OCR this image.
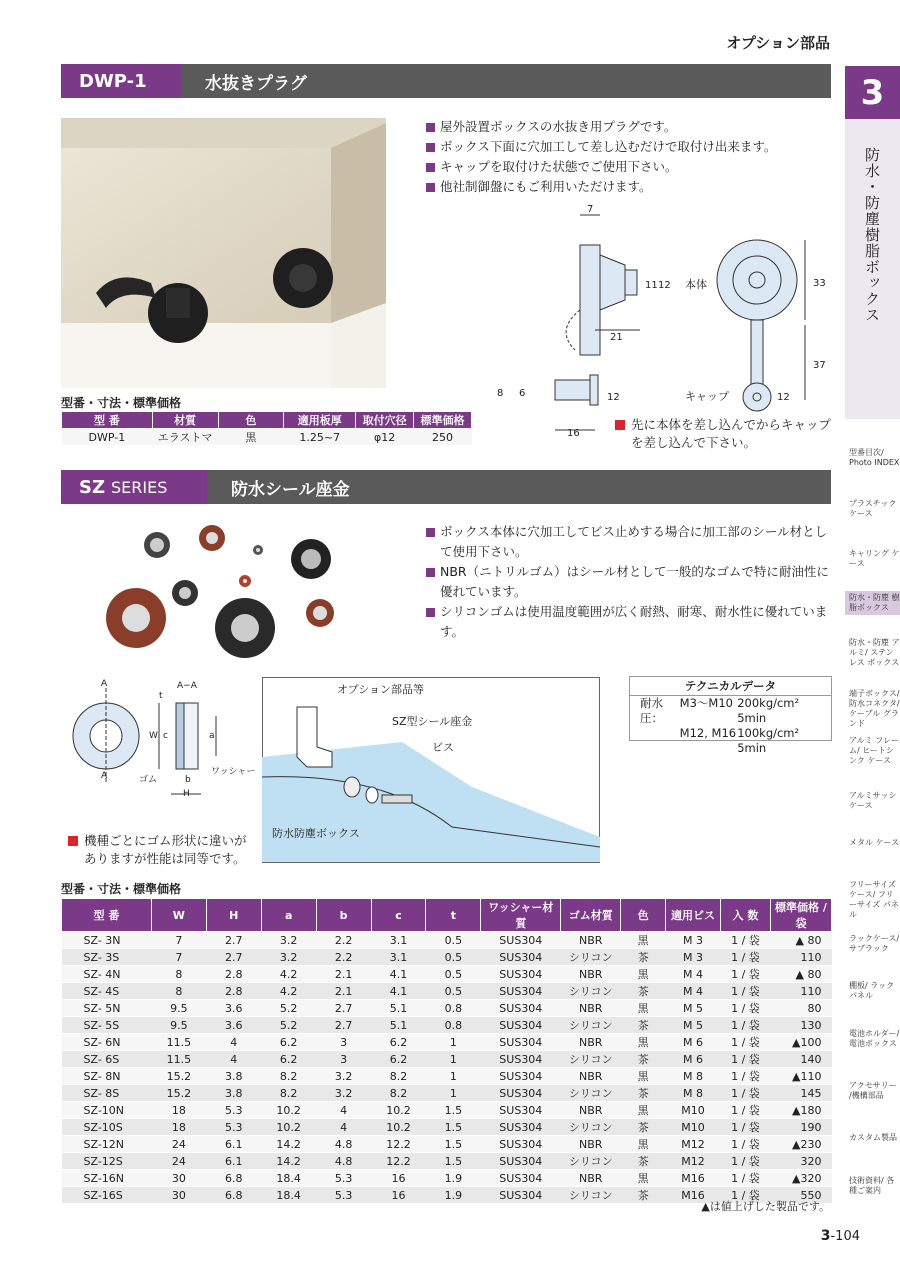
オプション部品
3
防水・防塵樹脂ボックス
型番目次/ Photo INDEX
プラスチック ケース
キャリング ケース
防水・防塵 樹脂ボックス
防水・防塵 アルミ/ ステンレス ボックス
端子ボックス/ 防水コネクタ/ ケーブル グランド
アルミ フレーム/ ヒートシンク ケース
アルミサッシ ケース
メタル ケース
フリーサイズ ケース/ フリーサイズ パネル
ラックケース/ サブラック
棚板/ ラックパネル
電池ホルダー/ 電池ボックス
アクセサリー /機構部品
カスタム製品
技術資料/ 各種ご案内
DWP-1	水抜きプラグ
屋外設置ボックスの水抜き用プラグです。
ボックス下面に穴加工して差し込むだけで取付け出来ます。
キャップを取付けた状態でご使用下さい。
他社制御盤にもご利用いただけます。
7
11 12
21
33
37
8 6	12
16
12
本体
キャップ
先に本体を差し込んでからキャップを差し込んで下さい。
型番・寸法・標準価格
型 番	材質	色	適用板厚	取付穴径	標準価格
DWP-1	エラストマ	黒	1.25~7	φ12	250
SZ SERIES	防水シール座金
ボックス本体に穴加工してビス止めする場合に加工部のシール材として使用下さい。
NBR（ニトリルゴム）はシール材として一般的なゴムで特に耐油性に優れています。
シリコンゴムは使用温度範囲が広く耐熱、耐寒、耐水性に優れています。
テクニカルデータ
耐水圧：
M3～M10 200kg/cm² 5min
M12, M16 100kg/cm² 5min
A
A
A−A
W c	a
t
b
H
ゴム
ワッシャー
オプション部品等
SZ型シール座金
ビス
防水防塵ボックス
機種ごとにゴム形状に違いがありますが性能は同等です。
型番・寸法・標準価格
型 番	W	H	a	b	c	t	ワッシャー材質	ゴム材質	色	適用ビス	入 数	標準価格 / 袋
SZ- 3N	7	2.7	3.2	2.2	3.1	0.5	SUS304	NBR	黒	M 3	1 / 袋	▲ 80
SZ- 3S	7	2.7	3.2	2.2	3.1	0.5	SUS304	シリコン	茶	M 3	1 / 袋	110
SZ- 4N	8	2.8	4.2	2.1	4.1	0.5	SUS304	NBR	黒	M 4	1 / 袋	▲ 80
SZ- 4S	8	2.8	4.2	2.1	4.1	0.5	SUS304	シリコン	茶	M 4	1 / 袋	110
SZ- 5N	9.5	3.6	5.2	2.7	5.1	0.8	SUS304	NBR	黒	M 5	1 / 袋	80
SZ- 5S	9.5	3.6	5.2	2.7	5.1	0.8	SUS304	シリコン	茶	M 5	1 / 袋	130
SZ- 6N	11.5	4	6.2	3	6.2	1	SUS304	NBR	黒	M 6	1 / 袋	▲100
SZ- 6S	11.5	4	6.2	3	6.2	1	SUS304	シリコン	茶	M 6	1 / 袋	140
SZ- 8N	15.2	3.8	8.2	3.2	8.2	1	SUS304	NBR	黒	M 8	1 / 袋	▲110
SZ- 8S	15.2	3.8	8.2	3.2	8.2	1	SUS304	シリコン	茶	M 8	1 / 袋	145
SZ-10N	18	5.3	10.2	4	10.2	1.5	SUS304	NBR	黒	M10	1 / 袋	▲180
SZ-10S	18	5.3	10.2	4	10.2	1.5	SUS304	シリコン	茶	M10	1 / 袋	190
SZ-12N	24	6.1	14.2	4.8	12.2	1.5	SUS304	NBR	黒	M12	1 / 袋	▲230
SZ-12S	24	6.1	14.2	4.8	12.2	1.5	SUS304	シリコン	茶	M12	1 / 袋	320
SZ-16N	30	6.8	18.4	5.3	16	1.9	SUS304	NBR	黒	M16	1 / 袋	▲320
SZ-16S	30	6.8	18.4	5.3	16	1.9	SUS304	シリコン	茶	M16	1 / 袋	550
▲は値上げした製品です。
3-104
